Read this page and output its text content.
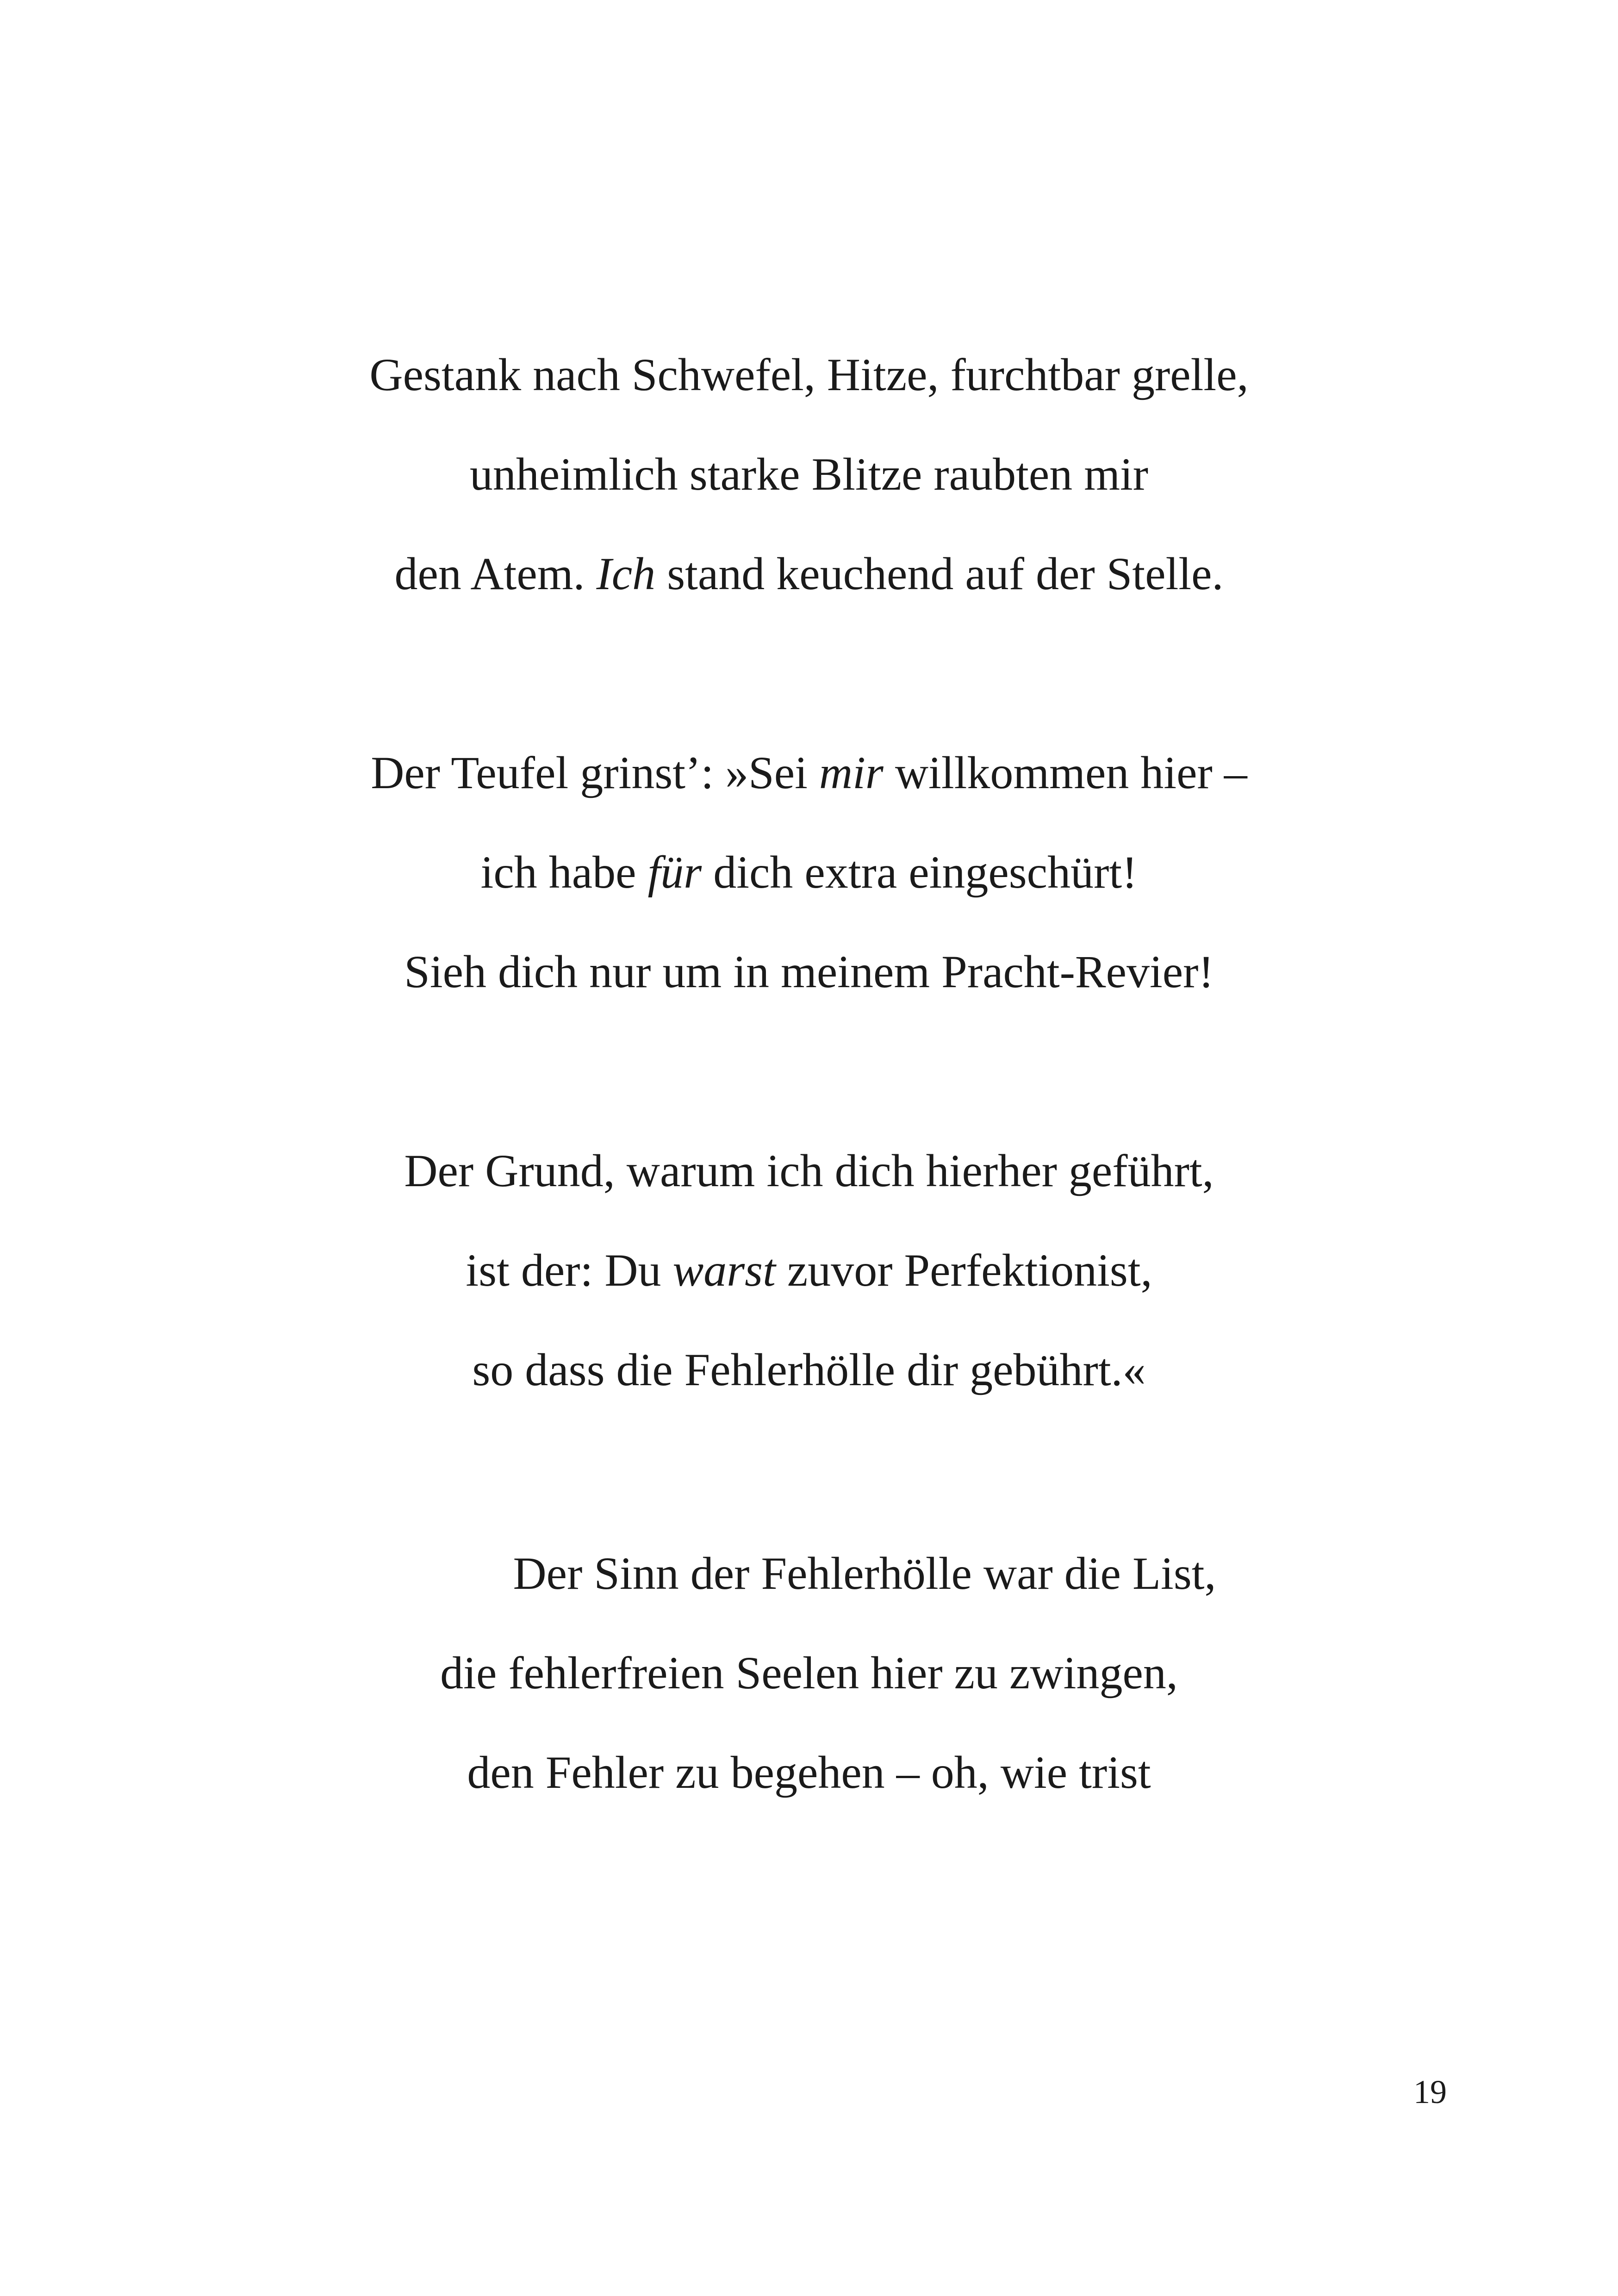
Gestank nach Schwefel, Hitze, furchtbar grelle,
unheimlich starke Blitze raubten mir
den Atem. Ich stand keuchend auf der Stelle.
Der Teufel grinst’: »Sei mir willkommen hier –
ich habe für dich extra eingeschürt!
Sieh dich nur um in meinem Pracht-Revier!
Der Grund, warum ich dich hierher geführt,
ist der: Du warst zuvor Perfektionist,
so dass die Fehlerhölle dir gebührt.«
Der Sinn der Fehlerhölle war die List,
die fehlerfreien Seelen hier zu zwingen,
den Fehler zu begehen – oh, wie trist
19
